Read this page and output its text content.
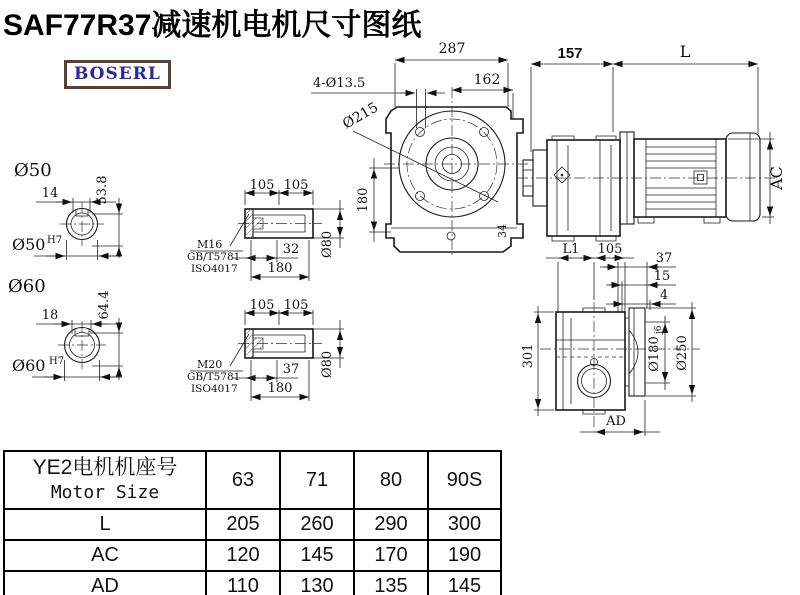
SAF77R37减速机电机尺寸图纸
BOSERL
Ø50
14	53.8
Ø50 H7
Ø60
18	64.4
Ø60 H7
105 105
M16
GB/T5781
ISO4017
32
180
Ø80
105 105
M20
GB/T5781
ISO4017
37
180
Ø80
Ø215
4-Ø13.5
287
162
180
34
157	L
AC
L1 105
37
15
4
Ø180
j6
Ø250
301
AD
YE2电机机座号
Motor Size	63	71	80	90S
L	205	260	290	300
AC	120	145	170	190
AD	110	130	135	145
